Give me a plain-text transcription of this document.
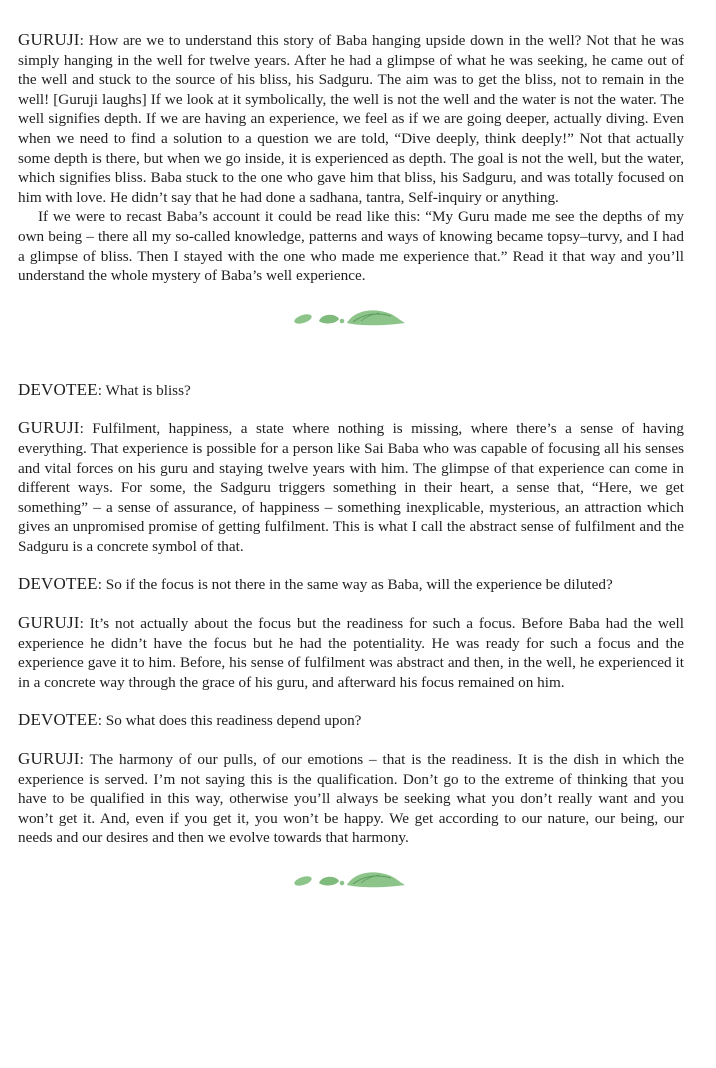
GURUJI: How are we to understand this story of Baba hanging upside down in the well? Not that he was simply hanging in the well for twelve years. After he had a glimpse of what he was seeking, he came out of the well and stuck to the source of his bliss, his Sadguru. The aim was to get the bliss, not to remain in the well! [Guruji laughs] If we look at it symbolically, the well is not the well and the water is not the water. The well signifies depth. If we are having an experience, we feel as if we are going deeper, actually diving. Even when we need to find a solution to a question we are told, “Dive deeply, think deeply!” Not that actually some depth is there, but when we go inside, it is experienced as depth. The goal is not the well, but the water, which signifies bliss. Baba stuck to the one who gave him that bliss, his Sadguru, and was totally focused on him with love. He didn’t say that he had done a sadhana, tantra, Self-inquiry or anything.

If we were to recast Baba’s account it could be read like this: “My Guru made me see the depths of my own being – there all my so-called knowledge, patterns and ways of knowing became topsy–turvy, and I had a glimpse of bliss. Then I stayed with the one who made me experience that.” Read it that way and you’ll understand the whole mystery of Baba’s well experience.

DEVOTEE: What is bliss?

GURUJI: Fulfilment, happiness, a state where nothing is missing, where there’s a sense of having everything. That experience is possible for a person like Sai Baba who was capable of focusing all his senses and vital forces on his guru and staying twelve years with him. The glimpse of that experience can come in different ways. For some, the Sadguru triggers something in their heart, a sense that, “Here, we get something” – a sense of assurance, of happiness – something inexplicable, mysterious, an attraction which gives an unpromised promise of getting fulfilment. This is what I call the abstract sense of fulfilment and the Sadguru is a concrete symbol of that.

DEVOTEE: So if the focus is not there in the same way as Baba, will the experience be diluted?

GURUJI: It’s not actually about the focus but the readiness for such a focus. Before Baba had the well experience he didn’t have the focus but he had the potentiality. He was ready for such a focus and the experience gave it to him. Before, his sense of fulfilment was abstract and then, in the well, he experienced it in a concrete way through the grace of his guru, and afterward his focus remained on him.

DEVOTEE: So what does this readiness depend upon?

GURUJI: The harmony of our pulls, of our emotions – that is the readiness. It is the dish in which the experience is served. I’m not saying this is the qualification. Don’t go to the extreme of thinking that you have to be qualified in this way, otherwise you’ll always be seeking what you don’t really want and you won’t get it. And, even if you get it, you won’t be happy. We get according to our nature, our being, our needs and our desires and then we evolve towards that harmony.
